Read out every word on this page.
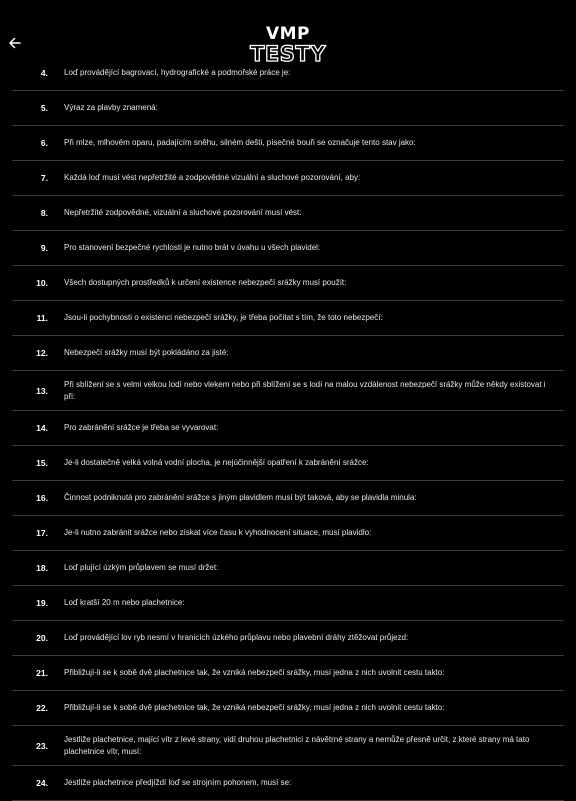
VMP
TESTY
4.	Loď provádějící bagrovací, hydrografické a podmořské práce je:
5.	Výraz za plavby znamená:
6.	Při mlze, mlhovém oparu, padajícím sněhu, silném dešti, písečné bouři se označuje tento stav jako:
7.	Každá loď musí vést nepřetržité a zodpovědné vizuální a sluchové pozorování, aby:
8.	Nepřetržité zodpovědné, vizuální a sluchové pozorování musí vést:
9.	Pro stanovení bezpečné rychlosti je nutno brát v úvahu u všech plavidel:
10.	Všech dostupných prostředků k určení existence nebezpečí srážky musí použít:
11.	Jsou-li pochybnosti o existenci nebezpečí srážky, je třeba počítat s tím, že toto nebezpečí:
12.	Nebezpečí srážky musí být pokládáno za jisté:
13.
Při sblížení se s velmi velkou lodí nebo vlekem nebo při sblížení se s lodí na malou vzdálenost nebezpečí srážky může někdy existovat i při:
14.	Pro zabránění srážce je třeba se vyvarovat:
15.	Je-li dostatečně velká volná vodní plocha, je nejúčinnější opatření k zabránění srážce:
16.	Činnost podniknutá pro zabránění srážce s jiným plavidlem musí být taková, aby se plavidla minula:
17.	Je-li nutno zabránit srážce nebo získat více času k vyhodnocení situace, musí plavidlo:
18.	Loď plující úzkým průplavem se musí držet:
19.	Loď kratší 20 m nebo plachetnice:
20.	Loď provádějící lov ryb nesmí v hranicích úzkého průplavu nebo plavební dráhy ztěžovat průjezd:
21.	Přibližují-li se k sobě dvě plachetnice tak, že vzniká nebezpečí srážky, musí jedna z nich uvolnit cestu takto:
22.	Přibližují-li se k sobě dvě plachetnice tak, že vzniká nebezpečí srážky, musí jedna z nich uvolnit cestu takto:
23.
Jestliže plachetnice, mající vítr z levé strany, vidí druhou plachetnici z návětrné strany a nemůže přesně určit, z které strany má tato plachetnice vítr, musí:
24.	Jestliže plachetnice předjíždí loď se strojním pohonem, musí se:
